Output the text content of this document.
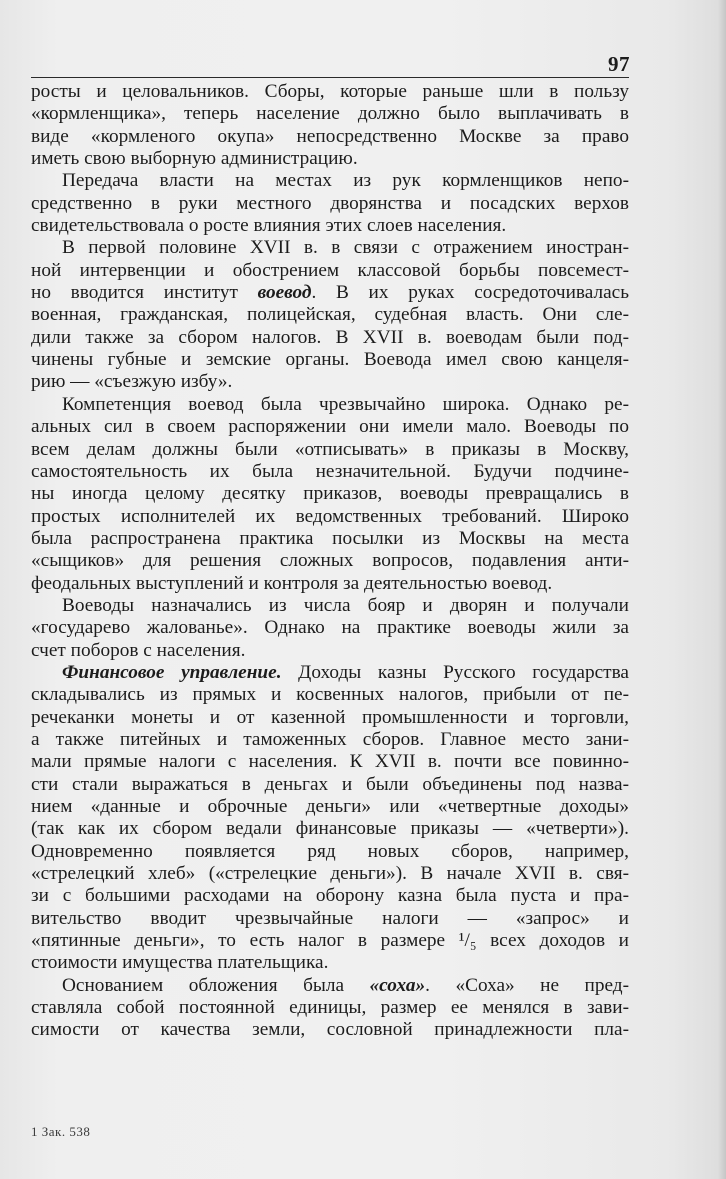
97
росты и целовальников. Сборы, которые раньше шли в пользу
«кормленщика», теперь население должно было выплачивать в
виде «кормленого окупа» непосредственно Москве за право
иметь свою выборную администрацию.
Передача власти на местах из рук кормленщиков непо-
средственно в руки местного дворянства и посадских верхов
свидетельствовала о росте влияния этих слоев населения.
В первой половине XVII в. в связи с отражением иностран-
ной интервенции и обострением классовой борьбы повсемест-
но вводится институт воевод. В их руках сосредоточивалась
военная, гражданская, полицейская, судебная власть. Они сле-
дили также за сбором налогов. В XVII в. воеводам были под-
чинены губные и земские органы. Воевода имел свою канцеля-
рию — «съезжую избу».
Компетенция воевод была чрезвычайно широка. Однако ре-
альных сил в своем распоряжении они имели мало. Воеводы по
всем делам должны были «отписывать» в приказы в Москву,
самостоятельность их была незначительной. Будучи подчине-
ны иногда целому десятку приказов, воеводы превращались в
простых исполнителей их ведомственных требований. Широко
была распространена практика посылки из Москвы на места
«сыщиков» для решения сложных вопросов, подавления анти-
феодальных выступлений и контроля за деятельностью воевод.
Воеводы назначались из числа бояр и дворян и получали
«государево жалованье». Однако на практике воеводы жили за
счет поборов с населения.
Финансовое управление. Доходы казны Русского государства
складывались из прямых и косвенных налогов, прибыли от пе-
речеканки монеты и от казенной промышленности и торговли,
а также питейных и таможенных сборов. Главное место зани-
мали прямые налоги с населения. К XVII в. почти все повинно-
сти стали выражаться в деньгах и были объединены под назва-
нием «данные и оброчные деньги» или «четвертные доходы»
(так как их сбором ведали финансовые приказы — «четверти»).
Одновременно появляется ряд новых сборов, например,
«стрелецкий хлеб» («стрелецкие деньги»). В начале XVII в. свя-
зи с большими расходами на оборону казна была пуста и пра-
вительство вводит чрезвычайные налоги — «запрос» и
«пятинные деньги», то есть налог в размере ¹/₅ всех доходов и
стоимости имущества плательщика.
Основанием обложения была «соха». «Соха» не пред-
ставляла собой постоянной единицы, размер ее менялся в зави-
симости от качества земли, сословной принадлежности пла-
1 Зак. 538
